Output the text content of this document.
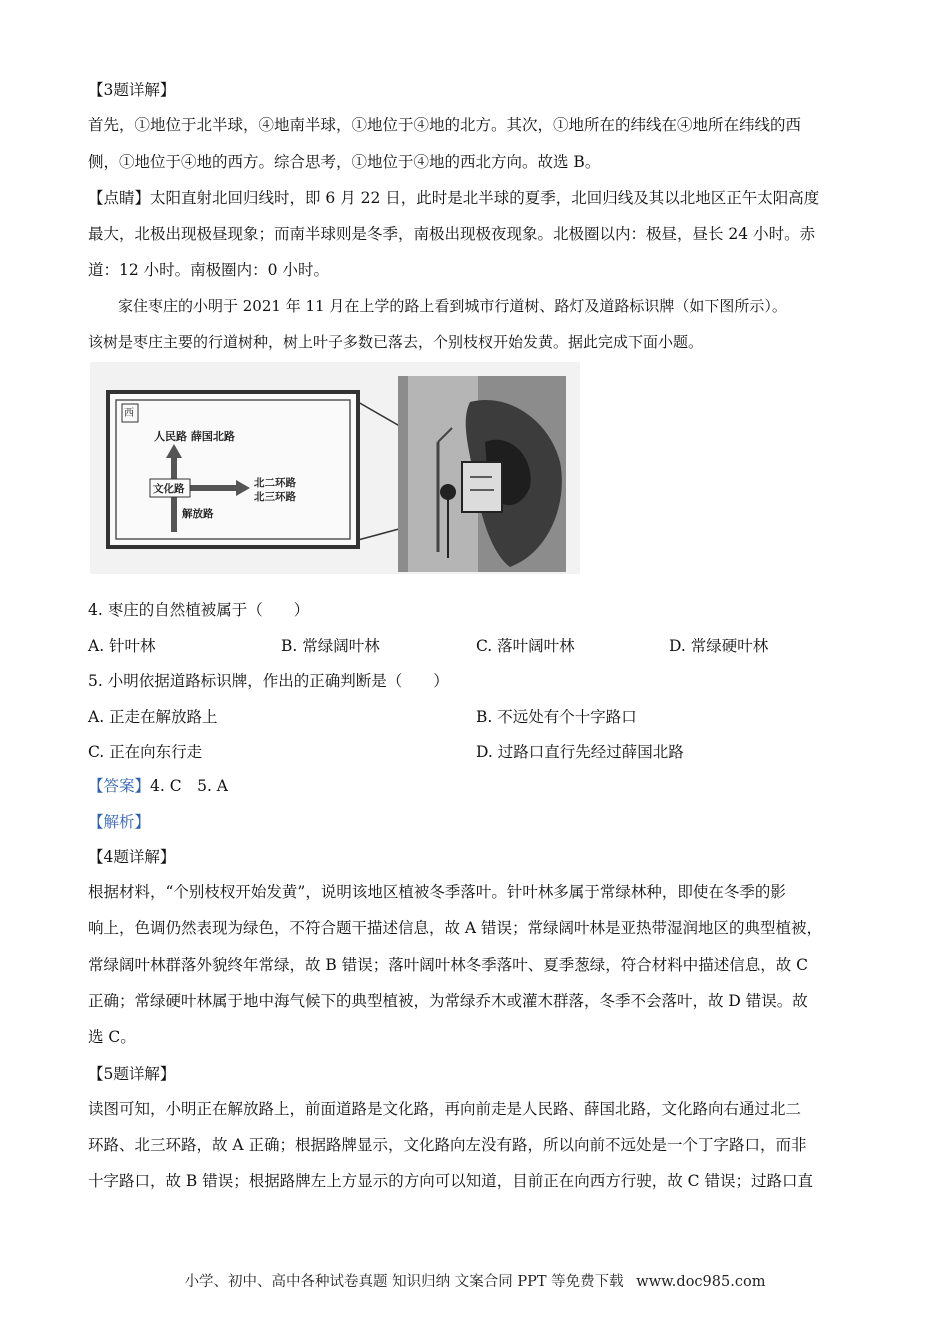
【3题详解】
首先，①地位于北半球，④地南半球，①地位于④地的北方。其次，①地所在的纬线在④地所在纬线的西
侧，①地位于④地的西方。综合思考，①地位于④地的西北方向。故选 B。
【点睛】太阳直射北回归线时，即 6 月 22 日，此时是北半球的夏季，北回归线及其以北地区正午太阳高度
最大，北极出现极昼现象；而南半球则是冬季，南极出现极夜现象。北极圈以内：极昼，昼长 24 小时。赤
道：12 小时。南极圈内：0 小时。
家住枣庄的小明于 2021 年 11 月在上学的路上看到城市行道树、路灯及道路标识牌（如下图所示）。
该树是枣庄主要的行道树种，树上叶子多数已落去，个别枝杈开始发黄。据此完成下面小题。
西
人民路 薛国北路
文化路	北二环路
北三环路
解放路
4. 枣庄的自然植被属于（　　）
A. 针叶林	B. 常绿阔叶林	C. 落叶阔叶林	D. 常绿硬叶林
5. 小明依据道路标识牌，作出的正确判断是（　　）
A. 正走在解放路上	B. 不远处有个十字路口
C. 正在向东行走	D. 过路口直行先经过薛国北路
【答案】4. C　5. A
【解析】
【4题详解】
根据材料，“个别枝杈开始发黄”，说明该地区植被冬季落叶。针叶林多属于常绿林种，即使在冬季的影
响上，色调仍然表现为绿色，不符合题干描述信息，故 A 错误；常绿阔叶林是亚热带湿润地区的典型植被，
常绿阔叶林群落外貌终年常绿，故 B 错误；落叶阔叶林冬季落叶、夏季葱绿，符合材料中描述信息，故 C
正确；常绿硬叶林属于地中海气候下的典型植被，为常绿乔木或灌木群落，冬季不会落叶，故 D 错误。故
选 C。
【5题详解】
读图可知，小明正在解放路上，前面道路是文化路，再向前走是人民路、薛国北路，文化路向右通过北二
环路、北三环路，故 A 正确；根据路牌显示，文化路向左没有路，所以向前不远处是一个丁字路口，而非
十字路口，故 B 错误；根据路牌左上方显示的方向可以知道，目前正在向西方行驶，故 C 错误；过路口直
小学、初中、高中各种试卷真题 知识归纳 文案合同 PPT 等免费下载 www.doc985.com
